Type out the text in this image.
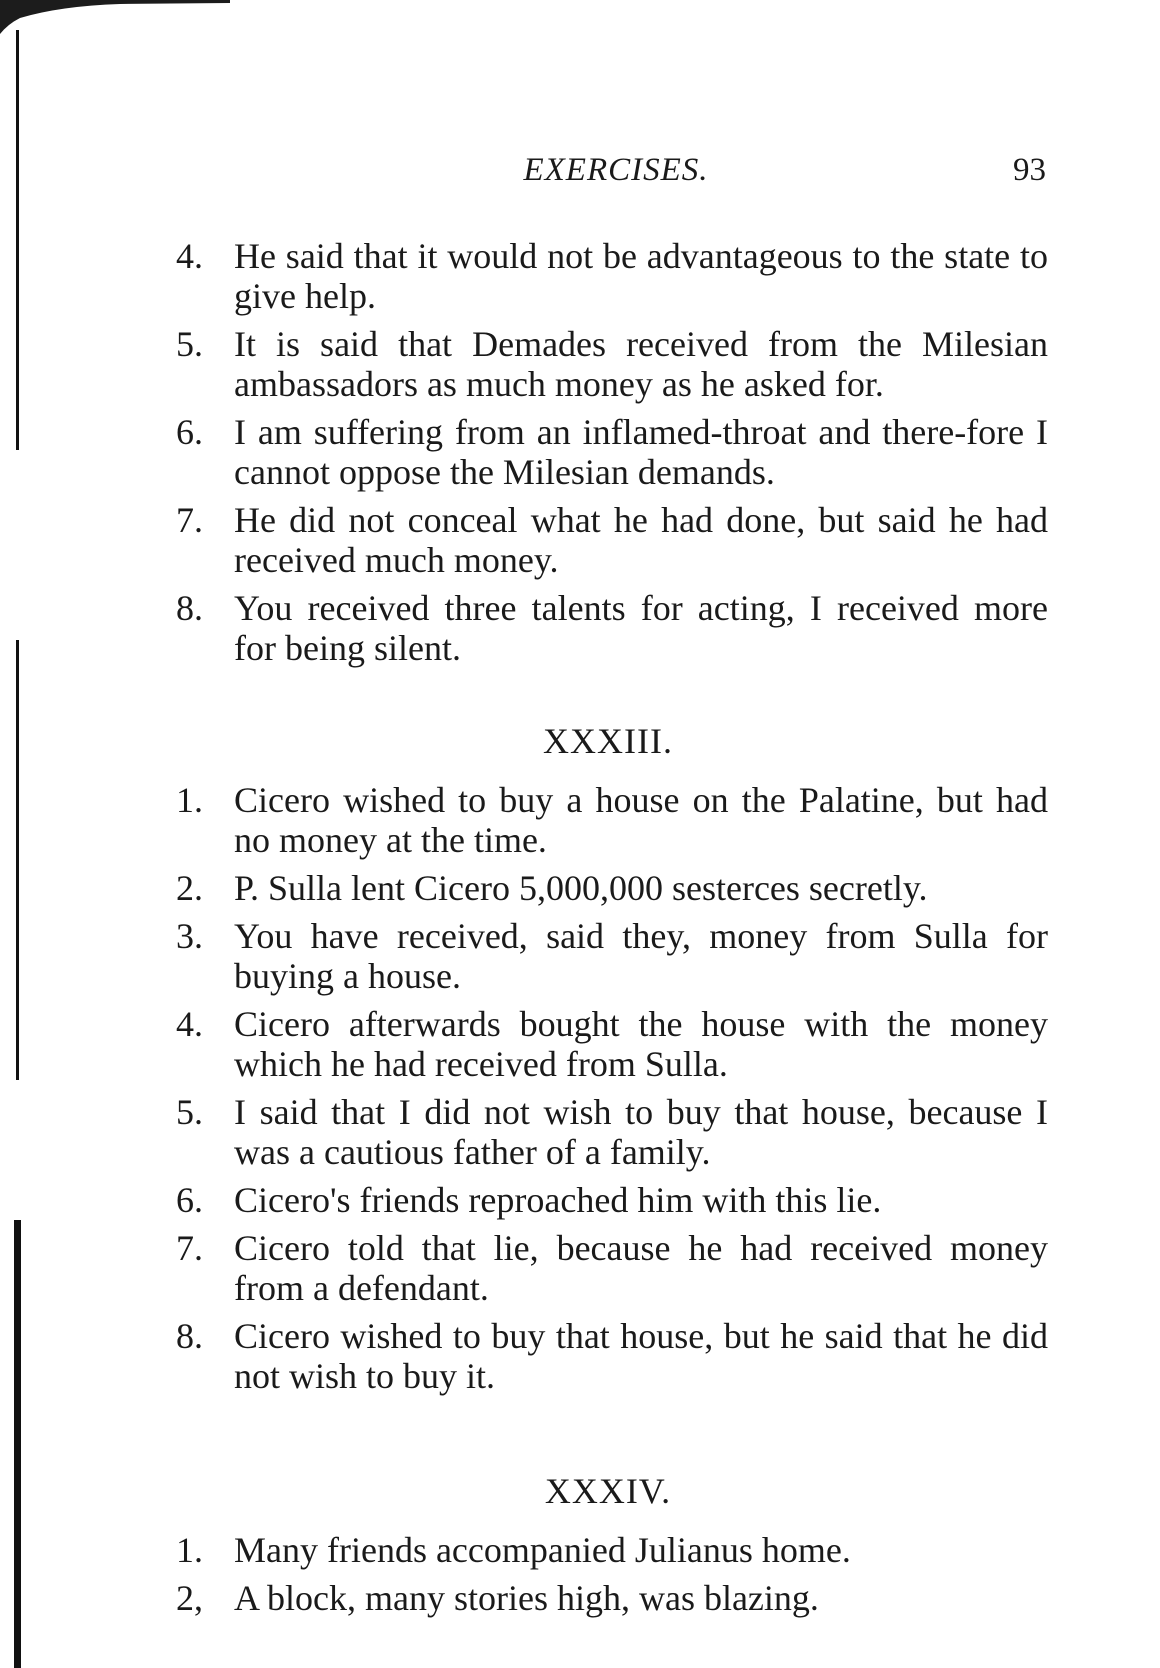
EXERCISES.	93
4. He said that it would not be advantageous to the state to give help.
5. It is said that Demades received from the Milesian ambassadors as much money as he asked for.
6. I am suffering from an inflamed-throat and there-fore I cannot oppose the Milesian demands.
7. He did not conceal what he had done, but said he had received much money.
8. You received three talents for acting, I received more for being silent.
XXXIII.
1. Cicero wished to buy a house on the Palatine, but had no money at the time.
2. P. Sulla lent Cicero 5,000,000 sesterces secretly.
3. You have received, said they, money from Sulla for buying a house.
4. Cicero afterwards bought the house with the money which he had received from Sulla.
5. I said that I did not wish to buy that house, because I was a cautious father of a family.
6. Cicero's friends reproached him with this lie.
7. Cicero told that lie, because he had received money from a defendant.
8. Cicero wished to buy that house, but he said that he did not wish to buy it.
XXXIV.
1. Many friends accompanied Julianus home.
2, A block, many stories high, was blazing.
